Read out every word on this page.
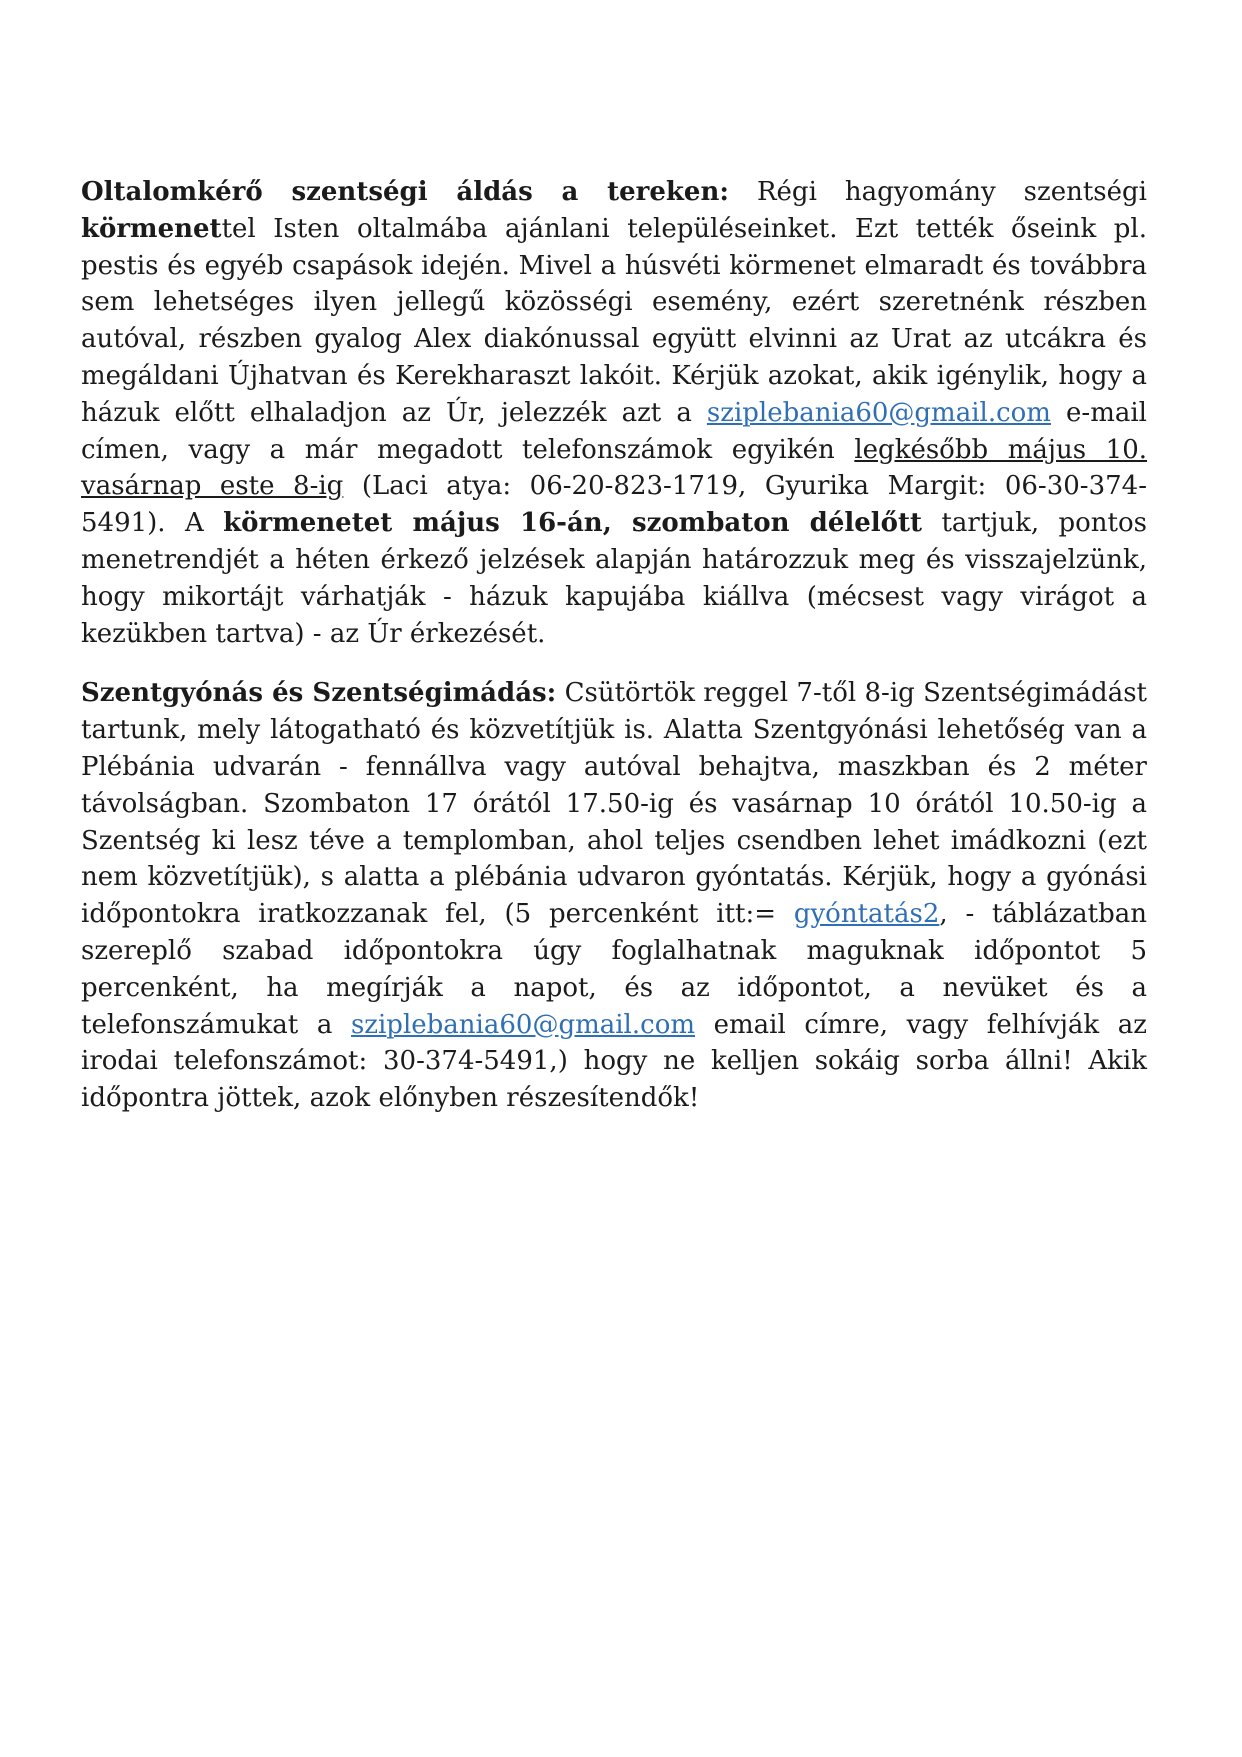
Oltalomkérő szentségi áldás a tereken: Régi hagyomány szentségi körmenettel Isten oltalmába ajánlani településeinket. Ezt tették őseink pl. pestis és egyéb csapások idején. Mivel a húsvéti körmenet elmaradt és továbbra sem lehetséges ilyen jellegű közösségi esemény, ezért szeretnénk részben autóval, részben gyalog Alex diakónussal együtt elvinni az Urat az utcákra és megáldani Újhatvan és Kerekharaszt lakóit. Kérjük azokat, akik igénylik, hogy a házuk előtt elhaladjon az Úr, jelezzék azt a sziplebania60@gmail.com e-mail címen, vagy a már megadott telefonszámok egyikén legkésőbb május 10. vasárnap este 8-ig (Laci atya: 06-20-823-1719, Gyurika Margit: 06-30-374-5491). A körmenetet május 16-án, szombaton délelőtt tartjuk, pontos menetrendjét a héten érkező jelzések alapján határozzuk meg és visszajelzünk, hogy mikortájt várhatják - házuk kapujába kiállva (mécsest vagy virágot a kezükben tartva) - az Úr érkezését.

Szentgyónás és Szentségimádás: Csütörtök reggel 7-től 8-ig Szentségimádást tartunk, mely látogatható és közvetítjük is. Alatta Szentgyónási lehetőség van a Plébánia udvarán - fennállva vagy autóval behajtva, maszkban és 2 méter távolságban. Szombaton 17 órától 17.50-ig és vasárnap 10 órától 10.50-ig a Szentség ki lesz téve a templomban, ahol teljes csendben lehet imádkozni (ezt nem közvetítjük), s alatta a plébánia udvaron gyóntatás. Kérjük, hogy a gyónási időpontokra iratkozzanak fel, (5 percenként itt:= gyóntatás2, - táblázatban szereplő szabad időpontokra úgy foglalhatnak maguknak időpontot 5 percenként, ha megírják a napot, és az időpontot, a nevüket és a telefonszámukat a sziplebania60@gmail.com email címre, vagy felhívják az irodai telefonszámot: 30-374-5491,) hogy ne kelljen sokáig sorba állni! Akik időpontra jöttek, azok előnyben részesítendők!
